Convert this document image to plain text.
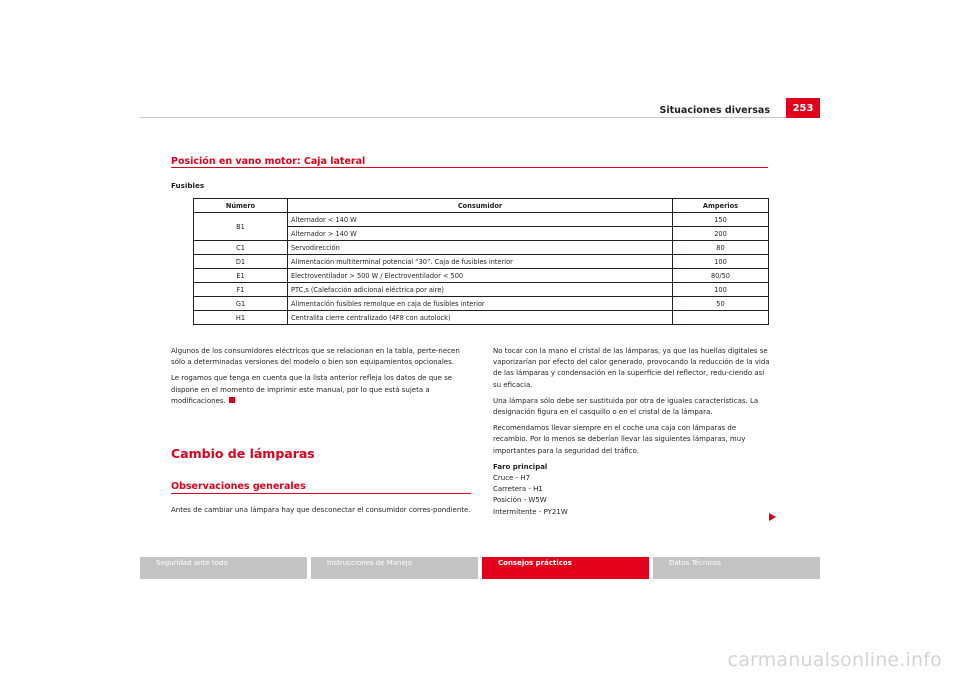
Situaciones diversas	253
Posición en vano motor: Caja lateral
Fusibles
Número	Consumidor	Amperios
B1	Alternador < 140 W	150
	Alternador > 140 W	200
C1	Servodirección	80
D1	Alimentación multiterminal potencial “30”. Caja de fusibles interior	100
E1	Electroventilador > 500 W / Electroventilador < 500	80/50
F1	PTC,s (Calefacción adicional eléctrica por aire)	100
G1	Alimentación fusibles remolque en caja de fusibles interior	50
H1	Centralita cierre centralizado (4F8 con autolock)	

Algunos de los consumidores eléctricos que se relacionan en la tabla, perte-necen sólo a determinadas versiones del modelo o bien son equipamientos opcionales.

Le rogamos que tenga en cuenta que la lista anterior refleja los datos de que se dispone en el momento de imprimir este manual, por lo que está sujeta a modificaciones.

Cambio de lámparas
Observaciones generales
Antes de cambiar una lámpara hay que desconectar el consumidor corres-pondiente.

No tocar con la mano el cristal de las lámparas, ya que las huellas digitales se vaporizarían por efecto del calor generado, provocando la reducción de la vida de las lámparas y condensación en la superficie del reflector, redu-ciendo así su eficacia.

Una lámpara sólo debe ser sustituida por otra de iguales características. La designación figura en el casquillo o en el cristal de la lámpara.

Recomendamos llevar siempre en el coche una caja con lámparas de recambio. Por lo menos se deberían llevar las siguientes lámparas, muy importantes para la seguridad del tráfico.

Faro principal
Cruce - H7
Carretera - H1
Posición - W5W
Intermitente - PY21W
Seguridad ante todo	Instrucciones de Manejo	Consejos prácticos	Datos Técnicos
carmanualsonline.info
